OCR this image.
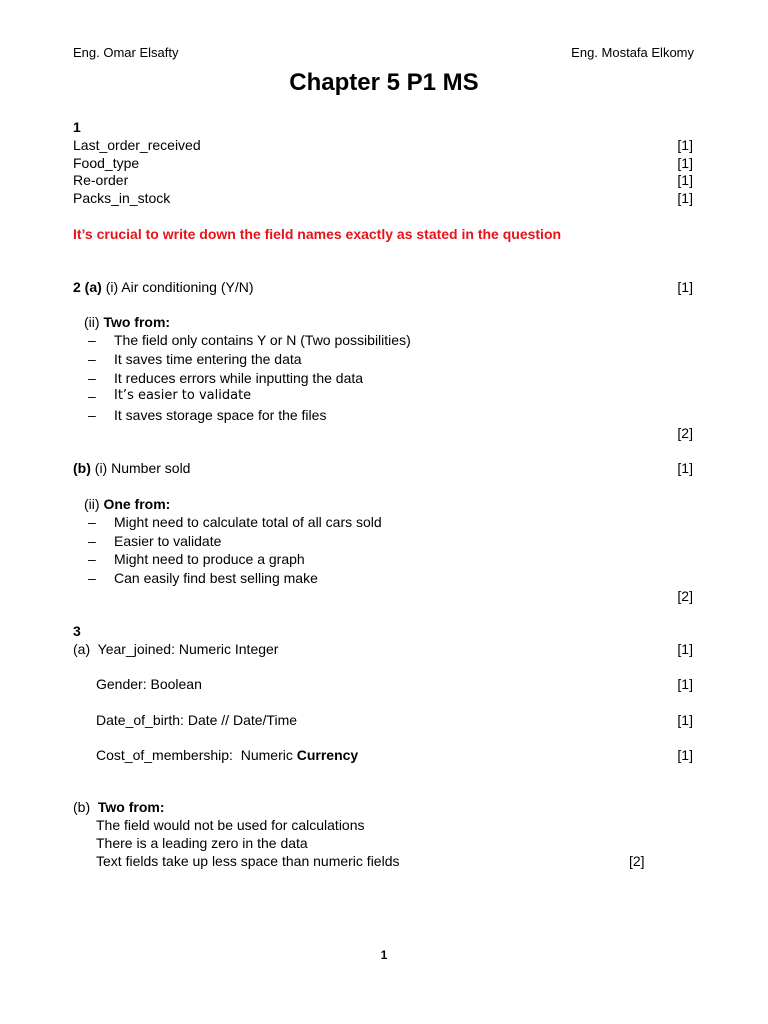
Eng. Omar Elsafty	Eng. Mostafa Elkomy
Chapter 5 P1 MS
1
Last_order_received	[1]
Food_type	[1]
Re-order	[1]
Packs_in_stock	[1]
It’s crucial to write down the field names exactly as stated in the question
2 (a) (i) Air conditioning (Y/N)	[1]
(ii) Two from:
– The field only contains Y or N (Two possibilities)
– It saves time entering the data
– It reduces errors while inputting the data
– It’s easier to validate
– It saves storage space for the files
[2]
(b) (i) Number sold	[1]
(ii) One from:
– Might need to calculate total of all cars sold
– Easier to validate
– Might need to produce a graph
– Can easily find best selling make
[2]
3
(a) Year_joined: Numeric Integer	[1]
Gender: Boolean	[1]
Date_of_birth: Date // Date/Time	[1]
Cost_of_membership:  Numeric Currency	[1]
(b) Two from:
The field would not be used for calculations
There is a leading zero in the data
Text fields take up less space than numeric fields	[2]
1
